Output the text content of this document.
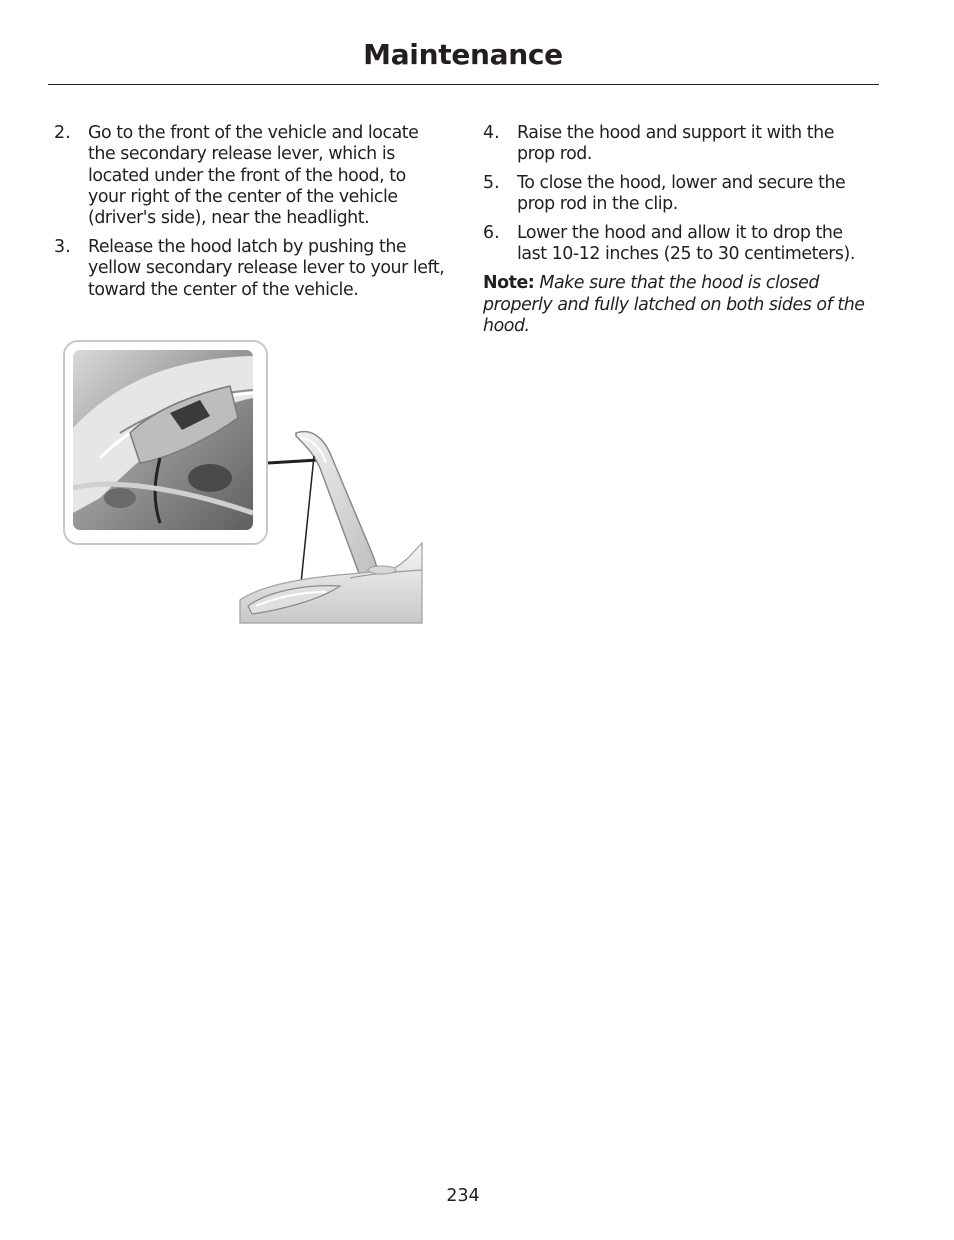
Maintenance
2. Go to the front of the vehicle and locate the secondary release lever, which is located under the front of the hood, to your right of the center of the vehicle (driver's side), near the headlight.
3. Release the hood latch by pushing the yellow secondary release lever to your left, toward the center of the vehicle.
4. Raise the hood and support it with the prop rod.
5. To close the hood, lower and secure the prop rod in the clip.
6. Lower the hood and allow it to drop the last 10-12 inches (25 to 30 centimeters).
Note: Make sure that the hood is closed properly and fully latched on both sides of the hood.
234
